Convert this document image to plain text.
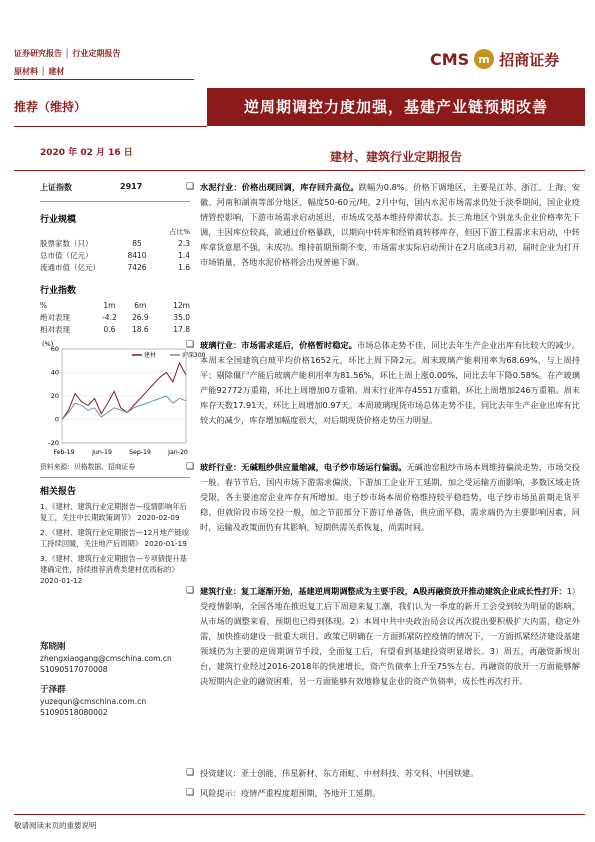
证券研究报告 │ 行业定期报告
原材料 │ 建材
CMS m 招商证券
推荐（维持）	逆周期调控力度加强，基建产业链预期改善
2020 年 02 月 16 日	建材、建筑行业定期报告
上证指数	2917
行业规模
占比%
股票家数（只）	85	2.3
总市值（亿元）	8410	1.4
流通市值（亿元）	7426	1.6
行业指数
%	1m	6m	12m
绝对表现	-4.2	26.9	35.0
相对表现	0.6	18.6	17.8
(%)
60
40
20
0
-20
Feb-19	Jun-19	Sep-19	Jan-20
建材	沪深300
资料来源：贝格数据、招商证券
相关报告
1、《建材、建筑行业定期报告—疫情影响年后复工，关注中长期政策调节》 2020-02-09
2、《建材、建筑行业定期报告—12月地产链竣工持续回暖，关注地产后周期》 2020-01-19
3、《建材、建筑行业定期报告—专项债提升基建确定性，持续推荐消费类建材优质标的》 2020-01-12
郑晓刚
zhengxiaogang@cmschina.com.cn
S1090517070008
于泽群
yuzequn@cmschina.com.cn
S1090518080002
❑ 水泥行业：价格出现回调，库存回升高位。跌幅为0.8%。价格下调地区，主要是江苏、浙江、上海、安徽、河南和湖南等部分地区，幅度50-60元/吨。2月中旬，国内水泥市场需求仍处于淡季期间，国企业疫情管控影响，下游市场需求启动延迟，市场成交基本维持停滞状态。长三角地区个别龙头企业价格率先下调，主因库位较高，欲通过价格暴跌，以期向中转库和经销商转移库存，但因下游工程需求未启动，中转库拿货意愿不强，未成功。维持前期预期不变，市场需求实际启动预计在2月底或3月初，届时企业为打开市场销量，各地水泥价格将会出现普遍下调。
❑ 玻璃行业：市场需求延后，价格暂时稳定。市场总体走势不佳，同比去年生产企业出库有比较大的减少。本周末全国建筑白玻平均价格1652元，环比上周下降2元。周末玻璃产能利用率为68.69%，与上周持平；剔除僵尸产能后玻璃产能利用率为81.56%，环比上周上涨0.00%，同比去年下降0.58%。在产玻璃产能92772万重箱，环比上周增加0万重箱。周末行业库存4551万重箱，环比上周增加246万重箱。周末库存天数17.91天，环比上周增加0.97天。本周玻璃现货市场总体走势不佳，同比去年生产企业出库有比较大的减少，库存增加幅度很大，对后期现货价格走势压力明显。
❑ 玻纤行业：无碱粗纱供应量缩减，电子纱市场运行偏弱。无碱池窑粗纱市场本周维持偏淡走势，市场交投一般。春节节后，国内市场下游需求偏淡，下游加工企业开工延期，加之受运输方面影响，多数区域走货受限，各主要池窑企业库存有所增加。电子纱市场本周价格维持较平稳趋势，电子纱市场虽前期走货平稳，但就阶段市场交投一般，加之节前部分下游订单备货，供应面平稳，需求端仍为主要影响因素，同时，运输及政策面仍有其影响，短期供需关系恢复，尚需时间。
❑ 建筑行业：复工逐渐开始，基建逆周期调整成为主要手段，A股再融资放开推动建筑企业成长性打开：1）受疫情影响，全国各地在推迟复工后下周迎来复工潮，我们认为一季度的新开工会受到较为明显的影响，从市场的调整来看，预期也已得到体现。2）本周中共中央政治局会议再次提出要积极扩大内需，稳定外需，加快推动建设一批重大项目。政策已明确在一方面抓紧防控疫情的情况下，一方面抓紧经济建设基建领域仍为主要的逆周期调节手段，全面复工后，有望看到基建投资明显增长。3）周五，再融资新规出台，建筑行业经过2016-2018年的快速增长，资产负债率上升至75%左右，再融资的放开一方面能够解决短期内企业的融资困难，另一方面能够有效地修复企业的资产负债率，成长性再次打开。
❑ 投资建议：亚士创能、伟星新材、东方雨虹、中材科技、苏交科、中国铁建。
❑ 风险提示：疫情严重程度超预期，各地开工延期。
敬请阅读末页的重要说明
